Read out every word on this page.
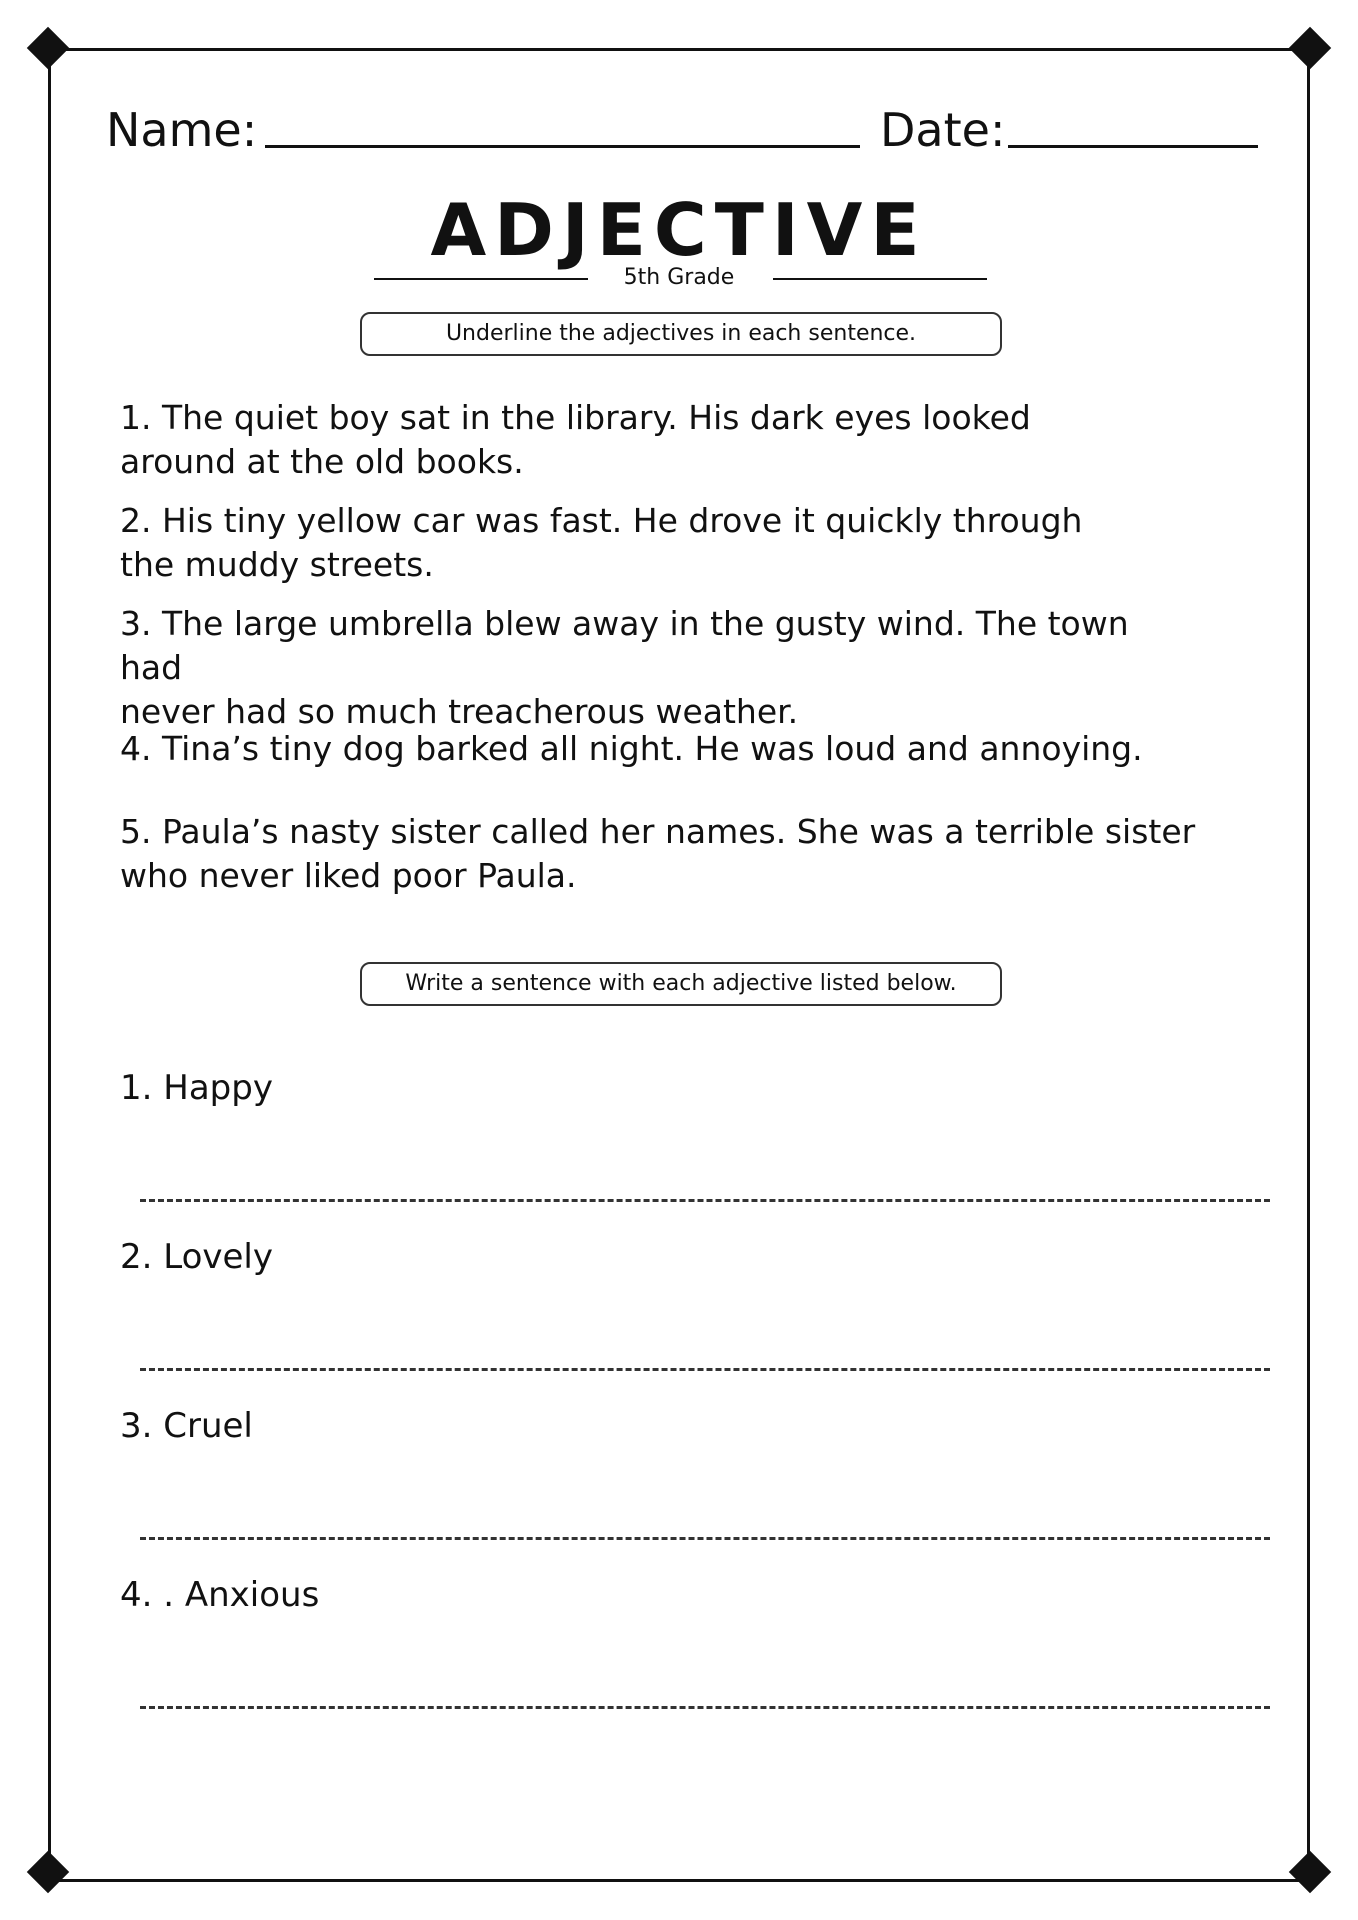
Name:	Date:
ADJECTIVE
5th Grade
Underline the adjectives in each sentence.
1. The quiet boy sat in the library. His dark eyes looked
around at the old books.
2. His tiny yellow car was fast. He drove it quickly through
the muddy streets.
3. The large umbrella blew away in the gusty wind. The town had
never had so much treacherous weather.
4. Tina’s tiny dog barked all night. He was loud and annoying.
5. Paula’s nasty sister called her names. She was a terrible sister
who never liked poor Paula.
Write a sentence with each adjective listed below.
1. Happy
2. Lovely
3. Cruel
4. . Anxious
